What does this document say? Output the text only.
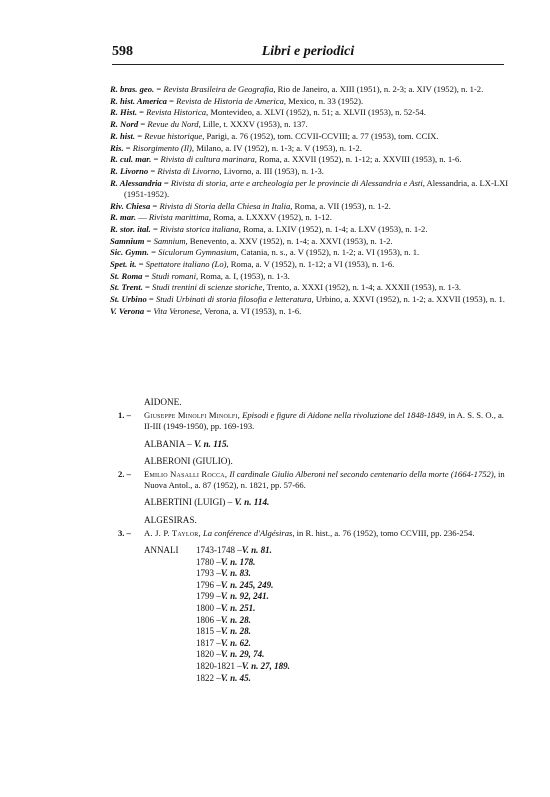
598	Libri e periodici
R. bras. geo. = Revista Brasileira de Geografia, Rio de Janeiro, a. XIII (1951), n. 2-3; a. XIV (1952), n. 1-2.
R. hist. America = Revista de Historia de America, Mexico, n. 33 (1952).
R. Hist. = Revista Historica, Montevideo, a. XLVI (1952), n. 51; a. XLVII (1953), n. 52-54.
R. Nord = Revue du Nord, Lille, t. XXXV (1953), n. 137.
R. hist. = Revue historique, Parigi, a. 76 (1952), tom. CCVII-CCVIII; a. 77 (1953), tom. CCIX.
Ris. = Risorgimento (Il), Milano, a. IV (1952), n. 1-3; a. V (1953), n. 1-2.
R. cul. mar. = Rivista di cultura marinara, Roma, a. XXVII (1952), n. 1-12; a. XXVIII (1953), n. 1-6.
R. Livorno = Rivista di Livorno, Livorno, a. III (1953), n. 1-3.
R. Alessandria = Rivista di storia, arte e archeologia per le provincie di Alessandria e Asti, Alessandria, a. LX-LXI (1951-1952).
Riv. Chiesa = Rivista di Storia della Chiesa in Italia, Roma, a. VII (1953), n. 1-2.
R. mar. — Rivista marittima, Roma, a. LXXXV (1952), n. 1-12.
R. stor. ital. = Rivista storica italiana, Roma, a. LXIV (1952), n. 1-4; a. LXV (1953), n. 1-2.
Samnium = Samnium, Benevento, a. XXV (1952), n. 1-4; a. XXVI (1953), n. 1-2.
Sic. Gymn. = Siculorum Gymnasium, Catania, n. s., a. V (1952), n. 1-2; a. VI (1953), n. 1.
Spet. it. = Spettatore italiano (Lo), Roma, a. V (1952), n. 1-12; a VI (1953), n. 1-6.
St. Roma = Studi romani, Roma, a. I, (1953), n. 1-3.
St. Trent. = Studi trentini di scienze storiche, Trento, a. XXXI (1952), n. 1-4; a. XXXII (1953), n. 1-3.
St. Urbino = Studi Urbinati di storia filosofia e letteratura, Urbino, a. XXVI (1952), n. 1-2; a. XXVII (1953), n. 1.
V. Verona = Vita Veronese, Verona, a. VI (1953), n. 1-6.
AIDONE.
1. – Giuseppe Minolfi Minolfi, Episodi e figure di Aidone nella rivoluzione del 1848-1849, in A. S. S. O., a. II-III (1949-1950), pp. 169-193.
ALBANIA – V. n. 115.
ALBERONI (GIULIO).
2. – Emilio Nasalli Rocca, Il cardinale Giulio Alberoni nel secondo centenario della morte (1664-1752), in Nuova Antol., a. 87 (1952), n. 1821, pp. 57-66.
ALBERTINI (LUIGI) – V. n. 114.
ALGESIRAS.
3. – A. J. P. Taylor, La conférence d'Algésiras, in R. hist., a. 76 (1952), tomo CCVIII, pp. 236-254.
ANNALI	1743-1748 – V. n. 81.
1780 – V. n. 178.
1793 – V. n. 83.
1796 – V. n. 245, 249.
1799 – V. n. 92, 241.
1800 – V. n. 251.
1806 – V. n. 28.
1815 – V. n. 28.
1817 – V. n. 62.
1820 – V. n. 29, 74.
1820-1821 – V. n. 27, 189.
1822 – V. n. 45.
